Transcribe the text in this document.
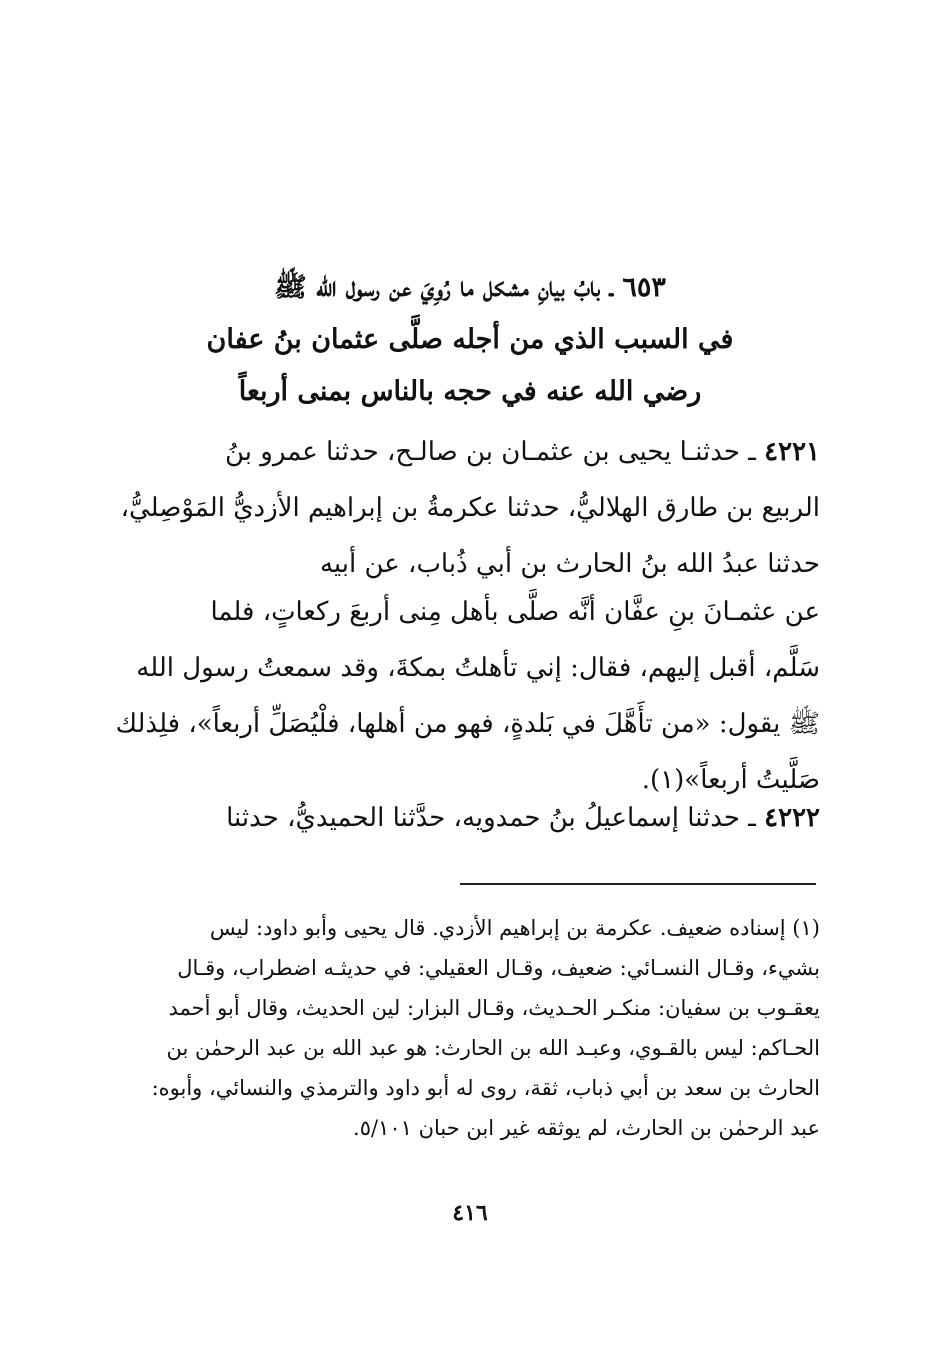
٦٥٣ ـ بابُ بيانِ مشكل ما رُوِيَ عن رسول الله ﷺ
في السبب الذي من أجله صلَّى عثمان بنُ عفان
رضي الله عنه في حجه بالناس بمنى أربعاً
٤٢٢١ ـ حدثنـا يحيى بن عثمـان بن صالـح، حدثنا عمرو بنُ
الربيع بن طارق الهلاليُّ، حدثنا عكرمةُ بن إبراهيم الأزديُّ المَوْصِليُّ،
حدثنا عبدُ الله بنُ الحارث بن أبي ذُباب، عن أبيه
عن عثمـانَ بنِ عفَّان أنَّه صلَّى بأهل مِنى أربعَ ركعاتٍ، فلما
سَلَّم، أقبل إليهم، فقال: إني تأهلتُ بمكةَ، وقد سمعتُ رسول الله
ﷺ يقول: «من تأَهَّلَ في بَلدةٍ، فهو من أهلها، فلْيُصَلِّ أربعاً»، فلِذلك
صَلَّيتُ أربعاً»(١).
٤٢٢٢ ـ حدثنا إسماعيلُ بنُ حمدويه، حدَّثنا الحميديُّ، حدثنا
(١) إسناده ضعيف. عكرمة بن إبراهيم الأزدي. قال يحيى وأبو داود: ليس
بشيء، وقـال النسـائي: ضعيف، وقـال العقيلي: في حديثـه اضطراب، وقـال
يعقـوب بن سفيان: منكـر الحـديث، وقـال البزار: لين الحديث، وقال أبو أحمد
الحـاكم: ليس بالقـوي، وعبـد الله بن الحارث: هو عبد الله بن عبد الرحمٰن بن
الحارث بن سعد بن أبي ذباب، ثقة، روى له أبو داود والترمذي والنسائي، وأبوه:
عبد الرحمٰن بن الحارث، لم يوثقه غير ابن حبان ٥/١٠١.
٤١٦
